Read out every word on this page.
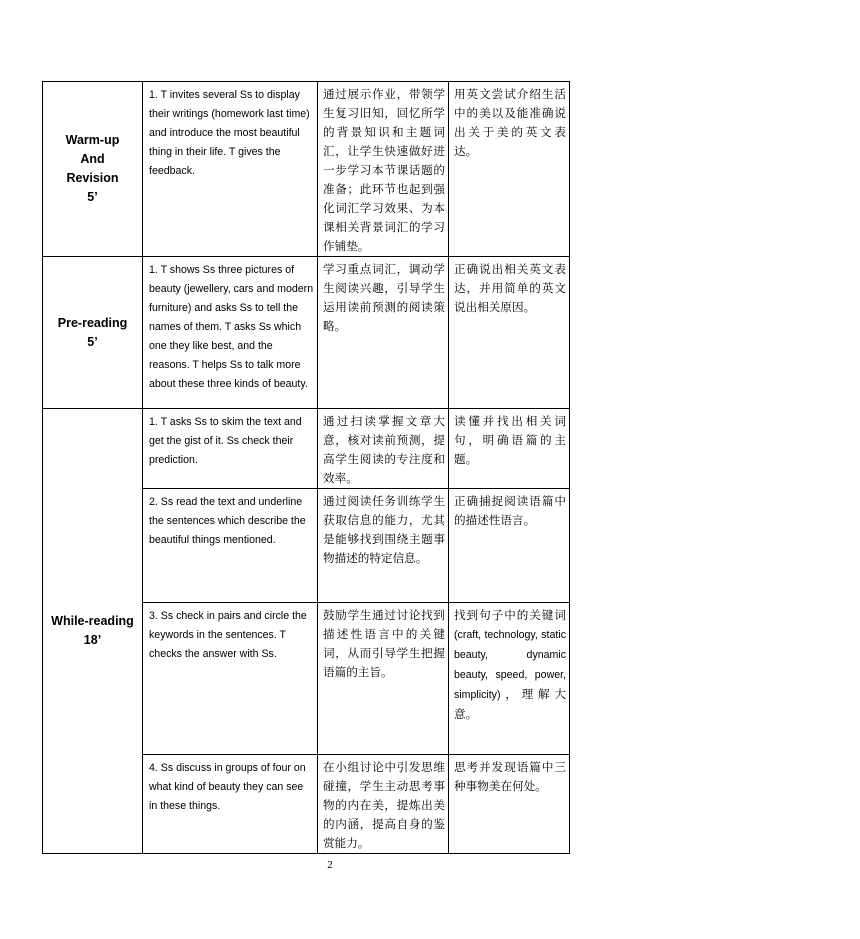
Warm-up And Revision
5’	1. T invites several Ss to display their writings (homework last time) and introduce the most beautiful thing in their life. T gives the feedback.	通过展示作业，带领学生复习旧知，回忆所学的背景知识和主题词汇，让学生快速做好进一步学习本节课话题的准备；此环节也起到强化词汇学习效果、为本课相关背景词汇的学习作铺垫。	用英文尝试介绍生活中的美以及能准确说出关于美的英文表达。

Pre-reading
5’	1. T shows Ss three pictures of beauty (jewellery, cars and modern furniture) and asks Ss to tell the names of them. T asks Ss which one they like best, and the reasons. T helps Ss to talk more about these three kinds of beauty.	学习重点词汇，调动学生阅读兴趣，引导学生运用读前预测的阅读策略。	正确说出相关英文表达，并用简单的英文说出相关原因。

While-reading
18’	1. T asks Ss to skim the text and get the gist of it. Ss check their prediction.	通过扫读掌握文章大意，核对读前预测，提高学生阅读的专注度和效率。	读懂并找出相关词句，明确语篇的主题。
	2. Ss read the text and underline the sentences which describe the beautiful things mentioned.	通过阅读任务训练学生获取信息的能力，尤其是能够找到围绕主题事物描述的特定信息。	正确捕捉阅读语篇中的描述性语言。
	3. Ss check in pairs and circle the keywords in the sentences. T checks the answer with Ss.	鼓励学生通过讨论找到描述性语言中的关键词，从而引导学生把握语篇的主旨。	找到句子中的关键词(craft, technology, static beauty, dynamic beauty, speed, power, simplicity)，理解大意。
	4. Ss discuss in groups of four on what kind of beauty they can see in these things.	在小组讨论中引发思维碰撞，学生主动思考事物的内在美，提炼出美的内涵，提高自身的鉴赏能力。	思考并发现语篇中三种事物美在何处。
2
